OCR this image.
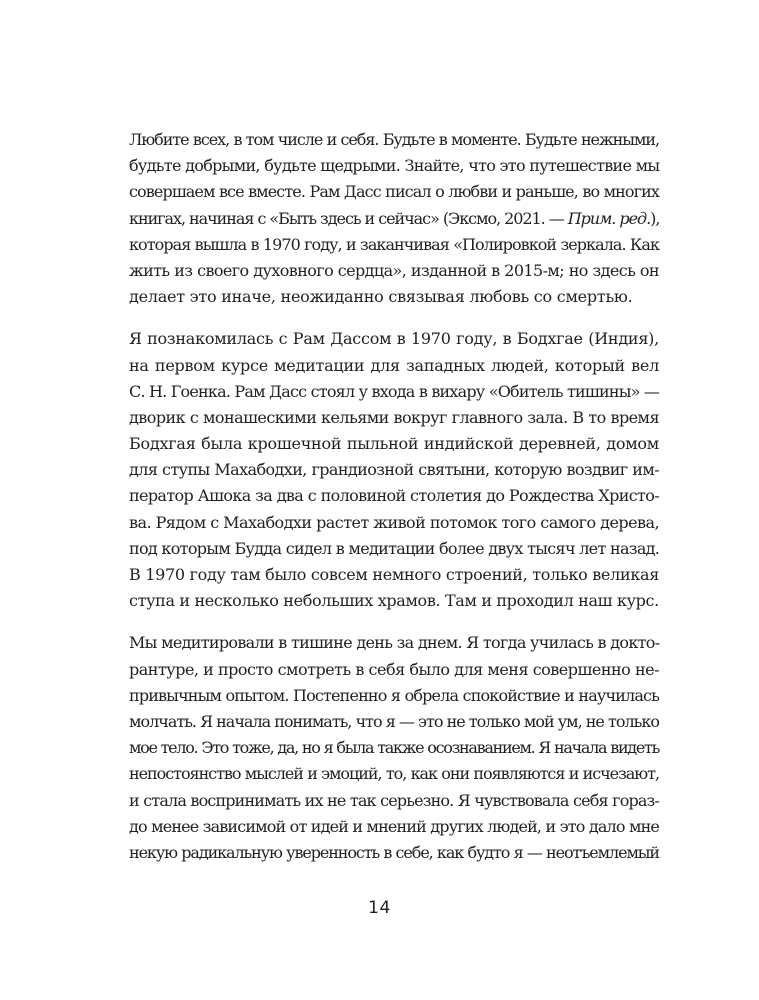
Любите всех, в том числе и себя. Будьте в моменте. Будьте нежными,
будьте добрыми, будьте щедрыми. Знайте, что это путешествие мы
совершаем все вместе. Рам Дасс писал о любви и раньше, во многих
книгах, начиная с «Быть здесь и сейчас» (Эксмо, 2021. — Прим. ред.),
которая вышла в 1970 году, и заканчивая «Полировкой зеркала. Как
жить из своего духовного сердца», изданной в 2015-м; но здесь он
делает это иначе, неожиданно связывая любовь со смертью.
Я познакомилась с Рам Дассом в 1970 году, в Бодхгае (Индия),
на первом курсе медитации для западных людей, который вел
С. Н. Гоенка. Рам Дасс стоял у входа в вихару «Обитель тишины» —
дворик с монашескими кельями вокруг главного зала. В то время
Бодхгая была крошечной пыльной индийской деревней, домом
для ступы Махабодхи, грандиозной святыни, которую воздвиг им-
ператор Ашока за два с половиной столетия до Рождества Христо-
ва. Рядом с Махабодхи растет живой потомок того самого дерева,
под которым Будда сидел в медитации более двух тысяч лет назад.
В 1970 году там было совсем немного строений, только великая
ступа и несколько небольших храмов. Там и проходил наш курс.
Мы медитировали в тишине день за днем. Я тогда училась в докто-
рантуре, и просто смотреть в себя было для меня совершенно не-
привычным опытом. Постепенно я обрела спокойствие и научилась
молчать. Я начала понимать, что я — это не только мой ум, не только
мое тело. Это тоже, да, но я была также осознаванием. Я начала видеть
непостоянство мыслей и эмоций, то, как они появляются и исчезают,
и стала воспринимать их не так серьезно. Я чувствовала себя гораз-
до менее зависимой от идей и мнений других людей, и это дало мне
некую радикальную уверенность в себе, как будто я — неотъемлемый
14
